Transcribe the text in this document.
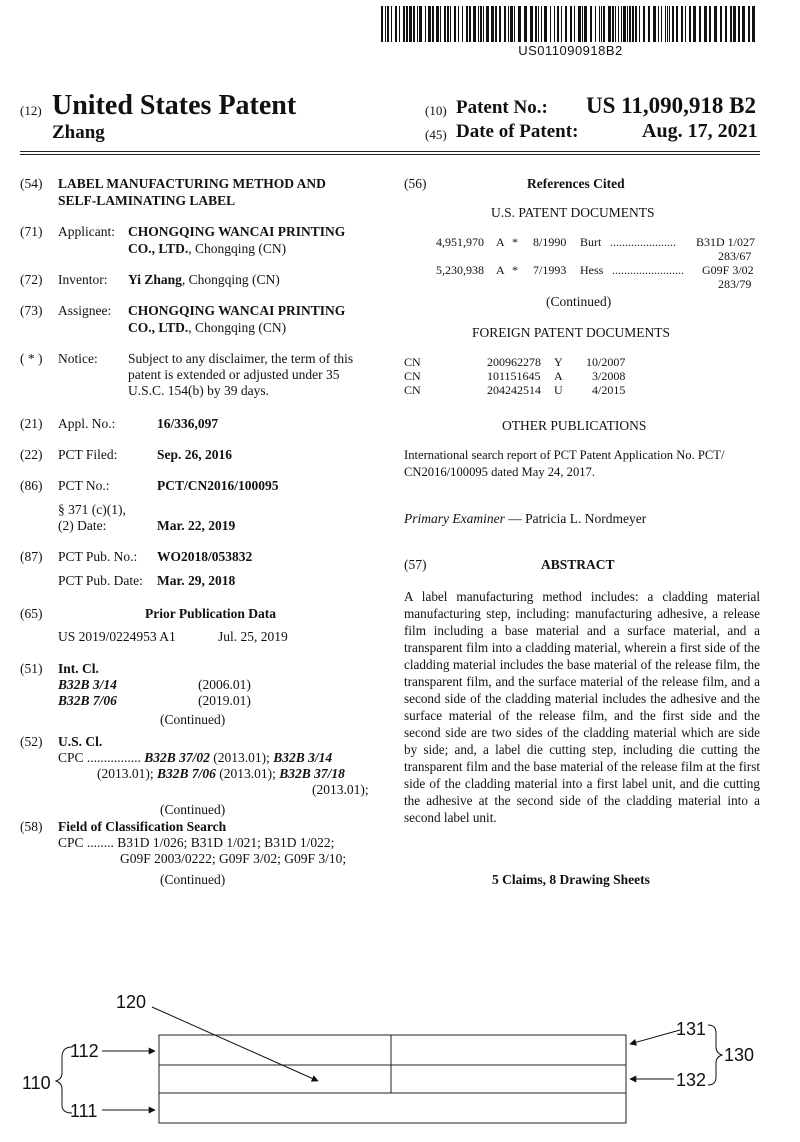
US011090918B2
(12) United States Patent
Zhang
(10) Patent No.: US 11,090,918 B2
(45) Date of Patent:	Aug. 17, 2021
(54) LABEL MANUFACTURING METHOD AND
SELF-LAMINATING LABEL
(71) Applicant: CHONGQING WANCAI PRINTING
CO., LTD., Chongqing (CN)
(72) Inventor: Yi Zhang, Chongqing (CN)
(73) Assignee: CHONGQING WANCAI PRINTING
CO., LTD., Chongqing (CN)
( * ) Notice: Subject to any disclaimer, the term of this
patent is extended or adjusted under 35
U.S.C. 154(b) by 39 days.
(21) Appl. No.:	16/336,097
(22) PCT Filed:	Sep. 26, 2016
(86) PCT No.:	PCT/CN2016/100095
§ 371 (c)(1),
(2) Date:	Mar. 22, 2019
(87) PCT Pub. No.: WO2018/053832
PCT Pub. Date: Mar. 29, 2018
(65)	Prior Publication Data
US 2019/0224953 A1	Jul. 25, 2019
(51) Int. Cl.
B32B 3/14	(2006.01)
B32B 7/06	(2019.01)
(Continued)
(52) U.S. Cl.
CPC ................ B32B 37/02 (2013.01); B32B 3/14
(2013.01); B32B 7/06 (2013.01); B32B 37/18
(2013.01);
(Continued)
(58) Field of Classification Search
CPC ........ B31D 1/026; B31D 1/021; B31D 1/022;
G09F 2003/0222; G09F 3/02; G09F 3/10;
(Continued)
(56)	References Cited
U.S. PATENT DOCUMENTS
4,951,970 A * 8/1990 Burt ...................... B31D 1/027
283/67
5,230,938 A * 7/1993 Hess ........................ G09F 3/02
283/79
(Continued)
FOREIGN PATENT DOCUMENTS
CN	200962278 Y 10/2007
CN	101151645 A 3/2008
CN	204242514 U 4/2015
OTHER PUBLICATIONS
International search report of PCT Patent Application No. PCT/
CN2016/100095 dated May 24, 2017.
Primary Examiner — Patricia L. Nordmeyer
(57)	ABSTRACT
A label manufacturing method includes: a cladding material manufacturing step, including: manufacturing adhesive, a release film including a base material and a surface material, and a transparent film into a cladding material, wherein a first side of the cladding material includes the base material of the release film, the transparent film, and the surface material of the release film, and a second side of the cladding material includes the adhesive and the surface material of the release film, and the first side and the second side are two sides of the cladding material which are side by side; and, a label die cutting step, including die cutting the transparent film and the base material of the release film at the first side of the cladding material into a first label unit, and die cutting the adhesive at the second side of the cladding material into a second label unit.
5 Claims, 8 Drawing Sheets
120
112
110
111
131
130
132
